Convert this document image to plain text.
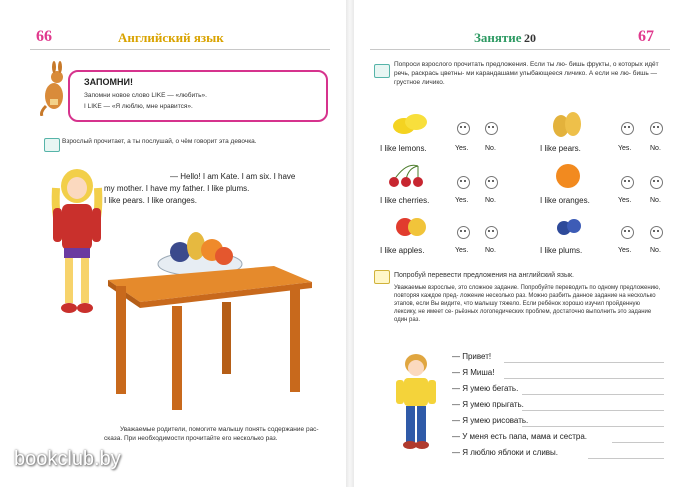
66	Английский язык
ЗАПОМНИ!
Запомни новое слово LIKE — «любить».
I LIKE — «Я люблю, мне нравится».
Взрослый прочитает, а ты послушай, о чём говорит эта девочка.
— Hello! I am Kate. I am six. I have
my mother. I have my father. I like plums.
I like pears. I like oranges.
Уважаемые родители, помогите малышу понять содержание рас-
сказа. При необходимости прочитайте его несколько раз.
bookclub.by
Занятие 20	67
Попроси взрослого прочитать предложения. Если ты лю- бишь фрукты, о которых идёт речь, раскрась цветны- ми карандашами улыбающееся личико. А если не лю- бишь — грустное личико.
I like lemons.	Yes. No.	I like pears.	Yes.	No.
I like cherries.	Yes. No.	I like oranges.	Yes.	No.
I like apples.	Yes. No.	I like plums.	Yes.	No.
Попробуй перевести предложения на английский язык.
Уважаемые взрослые, это сложное задание. Попробуйте переводить по одному предложению, повторяя каждое пред- ложение несколько раз. Можно разбить данное задание на несколько этапов, если Вы видите, что малышу тяжело. Если ребёнок хорошо изучил пройденную лексику, не имеет се- рьёзных логопедических проблем, достаточно выполнить это задание один раз.
— Привет!
— Я Миша!
— Я умею бегать.
— Я умею прыгать.
— Я умею рисовать.
— У меня есть папа, мама и сестра.
— Я люблю яблоки и сливы.
